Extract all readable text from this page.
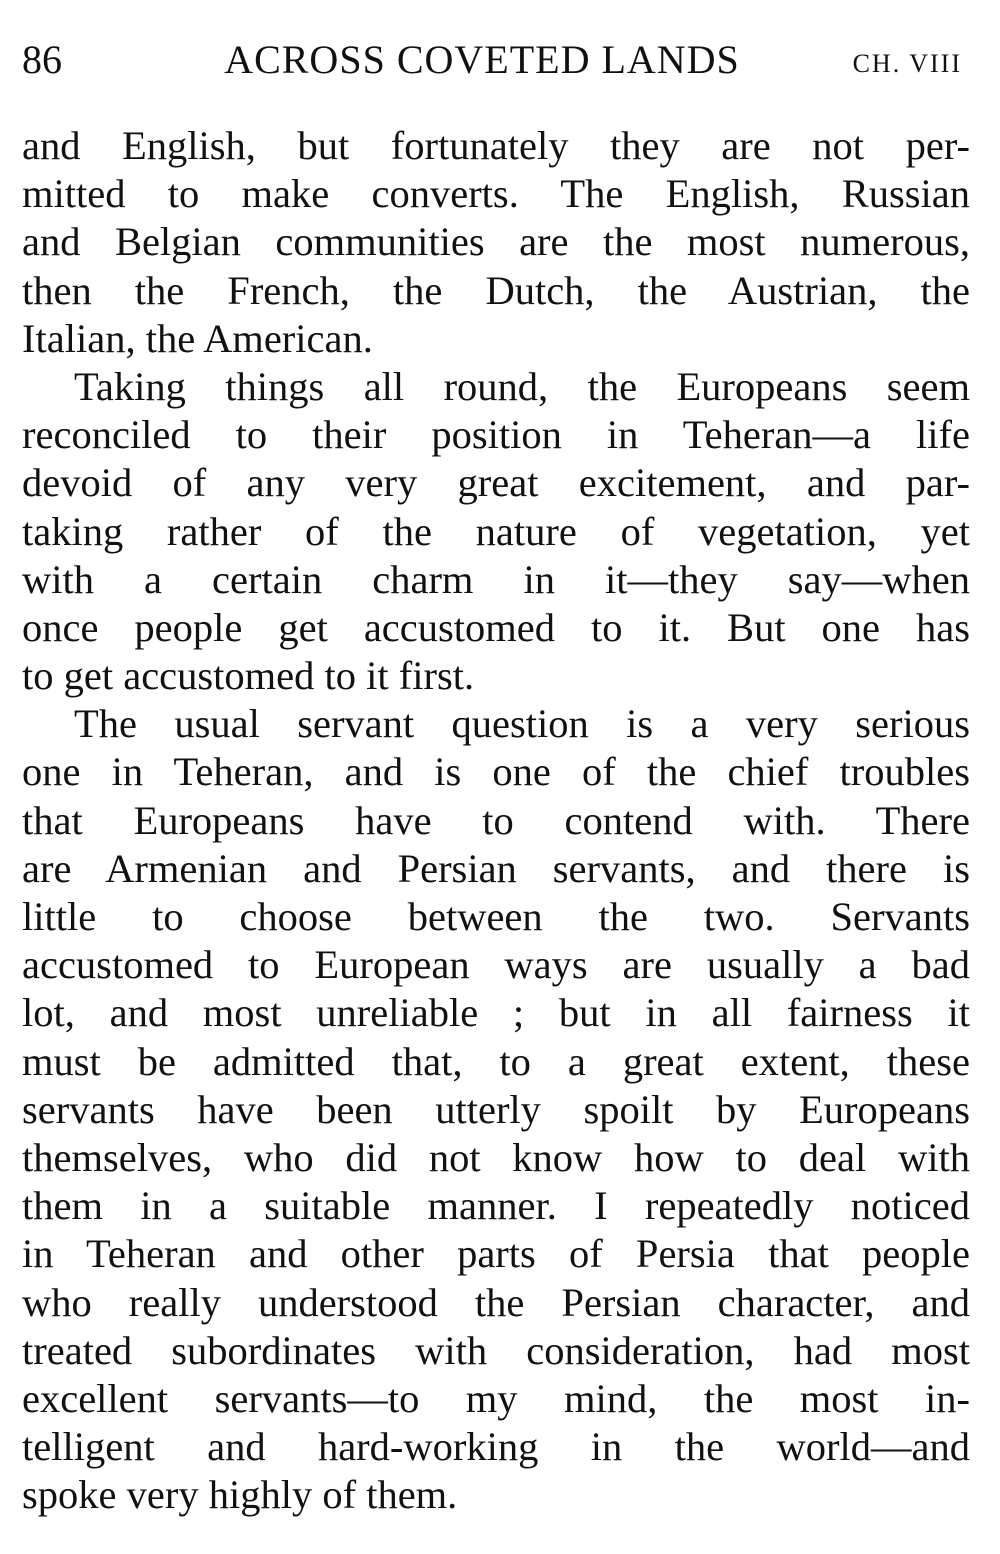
86	ACROSS COVETED LANDS	CH. VIII
and English, but fortunately they are not per-
mitted to make converts. The English, Russian
and Belgian communities are the most numerous,
then the French, the Dutch, the Austrian, the
Italian, the American.
Taking things all round, the Europeans seem
reconciled to their position in Teheran—a life
devoid of any very great excitement, and par-
taking rather of the nature of vegetation, yet
with a certain charm in it—they say—when
once people get accustomed to it. But one has
to get accustomed to it first.
The usual servant question is a very serious
one in Teheran, and is one of the chief troubles
that Europeans have to contend with. There
are Armenian and Persian servants, and there is
little to choose between the two. Servants
accustomed to European ways are usually a bad
lot, and most unreliable ; but in all fairness it
must be admitted that, to a great extent, these
servants have been utterly spoilt by Europeans
themselves, who did not know how to deal with
them in a suitable manner. I repeatedly noticed
in Teheran and other parts of Persia that people
who really understood the Persian character, and
treated subordinates with consideration, had most
excellent servants—to my mind, the most in-
telligent and hard-working in the world—and
spoke very highly of them.
